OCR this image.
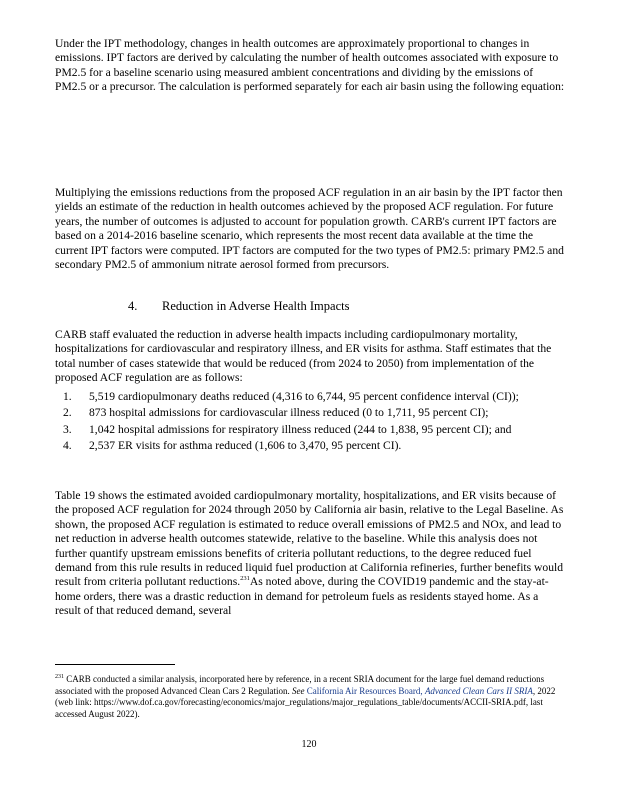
Under the IPT methodology, changes in health outcomes are approximately proportional to changes in emissions. IPT factors are derived by calculating the number of health outcomes associated with exposure to PM2.5 for a baseline scenario using measured ambient concentrations and dividing by the emissions of PM2.5 or a precursor. The calculation is performed separately for each air basin using the following equation:

Multiplying the emissions reductions from the proposed ACF regulation in an air basin by the IPT factor then yields an estimate of the reduction in health outcomes achieved by the proposed ACF regulation. For future years, the number of outcomes is adjusted to account for population growth. CARB's current IPT factors are based on a 2014-2016 baseline scenario, which represents the most recent data available at the time the current IPT factors were computed. IPT factors are computed for the two types of PM2.5: primary PM2.5 and secondary PM2.5 of ammonium nitrate aerosol formed from precursors.

4. Reduction in Adverse Health Impacts

CARB staff evaluated the reduction in adverse health impacts including cardiopulmonary mortality, hospitalizations for cardiovascular and respiratory illness, and ER visits for asthma. Staff estimates that the total number of cases statewide that would be reduced (from 2024 to 2050) from implementation of the proposed ACF regulation are as follows:

1. 5,519 cardiopulmonary deaths reduced (4,316 to 6,744, 95 percent confidence interval (CI));
2. 873 hospital admissions for cardiovascular illness reduced (0 to 1,711, 95 percent CI);
3. 1,042 hospital admissions for respiratory illness reduced (244 to 1,838, 95 percent CI); and
4. 2,537 ER visits for asthma reduced (1,606 to 3,470, 95 percent CI).

Table 19 shows the estimated avoided cardiopulmonary mortality, hospitalizations, and ER visits because of the proposed ACF regulation for 2024 through 2050 by California air basin, relative to the Legal Baseline. As shown, the proposed ACF regulation is estimated to reduce overall emissions of PM2.5 and NOx, and lead to net reduction in adverse health outcomes statewide, relative to the baseline. While this analysis does not further quantify upstream emissions benefits of criteria pollutant reductions, to the degree reduced fuel demand from this rule results in reduced liquid fuel production at California refineries, further benefits would result from criteria pollutant reductions.$^{231}$As noted above, during the COVID19 pandemic and the stay-at-home orders, there was a drastic reduction in demand for petroleum fuels as residents stayed home. As a result of that reduced demand, several

$^{231}$ CARB conducted a similar analysis, incorporated here by reference, in a recent SRIA document for the large fuel demand reductions associated with the proposed Advanced Clean Cars 2 Regulation. See California Air Resources Board, Advanced Clean Cars II SRIA, 2022 (web link: https://www.dof.ca.gov/forecasting/economics/major_regulations/major_regulations_table/documents/ACCII-SRIA.pdf, last accessed August 2022).

120
